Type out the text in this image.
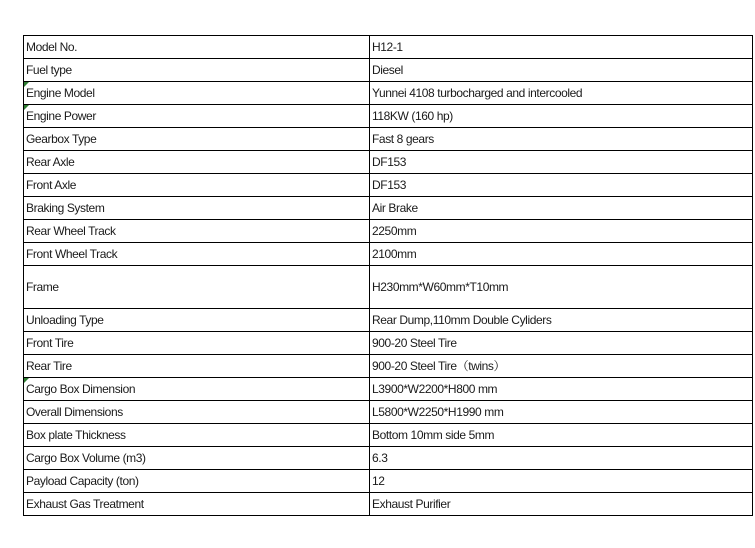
Model No.	H12-1
Fuel type	Diesel

Engine Model	Yunnei 4108 turbocharged and intercooled

Engine Power	118KW (160 hp)
Gearbox Type	Fast 8 gears
Rear Axle	DF153
Front Axle	DF153
Braking System	Air Brake
Rear Wheel Track	2250mm
Front Wheel Track	2100mm
Frame	H230mm*W60mm*T10mm
Unloading Type	Rear Dump,110mm Double Cyliders
Front Tire	900-20 Steel Tire
Rear Tire	900-20 Steel Tire（twins）

Cargo Box Dimension	L3900*W2200*H800 mm
Overall Dimensions	L5800*W2250*H1990 mm
Box plate Thickness	Bottom 10mm side 5mm
Cargo Box Volume (m3)	6.3
Payload Capacity (ton)	12
Exhaust Gas Treatment	Exhaust Purifier
